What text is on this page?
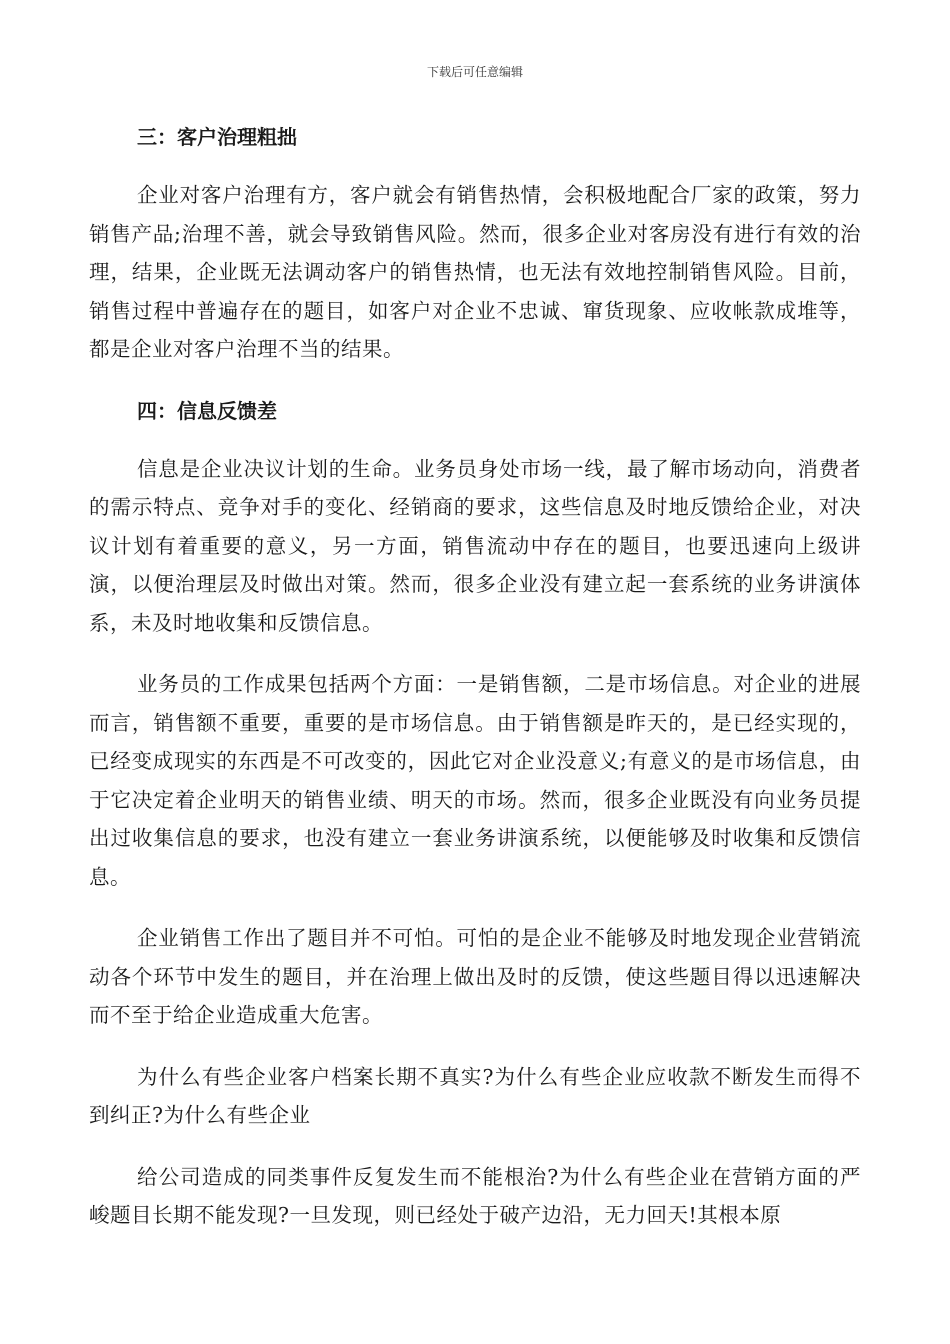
下载后可任意编辑
三：客户治理粗拙

企业对客户治理有方，客户就会有销售热情，会积极地配合厂家的政策，努力销售产品;治理不善，就会导致销售风险。然而，很多企业对客房没有进行有效的治理，结果，企业既无法调动客户的销售热情，也无法有效地控制销售风险。目前，销售过程中普遍存在的题目，如客户对企业不忠诚、窜货现象、应收帐款成堆等，都是企业对客户治理不当的结果。

四：信息反馈差

信息是企业决议计划的生命。业务员身处市场一线，最了解市场动向，消费者的需示特点、竞争对手的变化、经销商的要求，这些信息及时地反馈给企业，对决议计划有着重要的意义，另一方面，销售流动中存在的题目，也要迅速向上级讲演，以便治理层及时做出对策。然而，很多企业没有建立起一套系统的业务讲演体系，未及时地收集和反馈信息。

业务员的工作成果包括两个方面：一是销售额，二是市场信息。对企业的进展而言，销售额不重要，重要的是市场信息。由于销售额是昨天的，是已经实现的，已经变成现实的东西是不可改变的，因此它对企业没意义;有意义的是市场信息，由于它决定着企业明天的销售业绩、明天的市场。然而，很多企业既没有向业务员提出过收集信息的要求，也没有建立一套业务讲演系统，以便能够及时收集和反馈信息。

企业销售工作出了题目并不可怕。可怕的是企业不能够及时地发现企业营销流动各个环节中发生的题目，并在治理上做出及时的反馈，使这些题目得以迅速解决而不至于给企业造成重大危害。

为什么有些企业客户档案长期不真实?为什么有些企业应收款不断发生而得不到纠正?为什么有些企业

给公司造成的同类事件反复发生而不能根治?为什么有些企业在营销方面的严峻题目长期不能发现?一旦发现，则已经处于破产边沿，无力回天!其根本原
